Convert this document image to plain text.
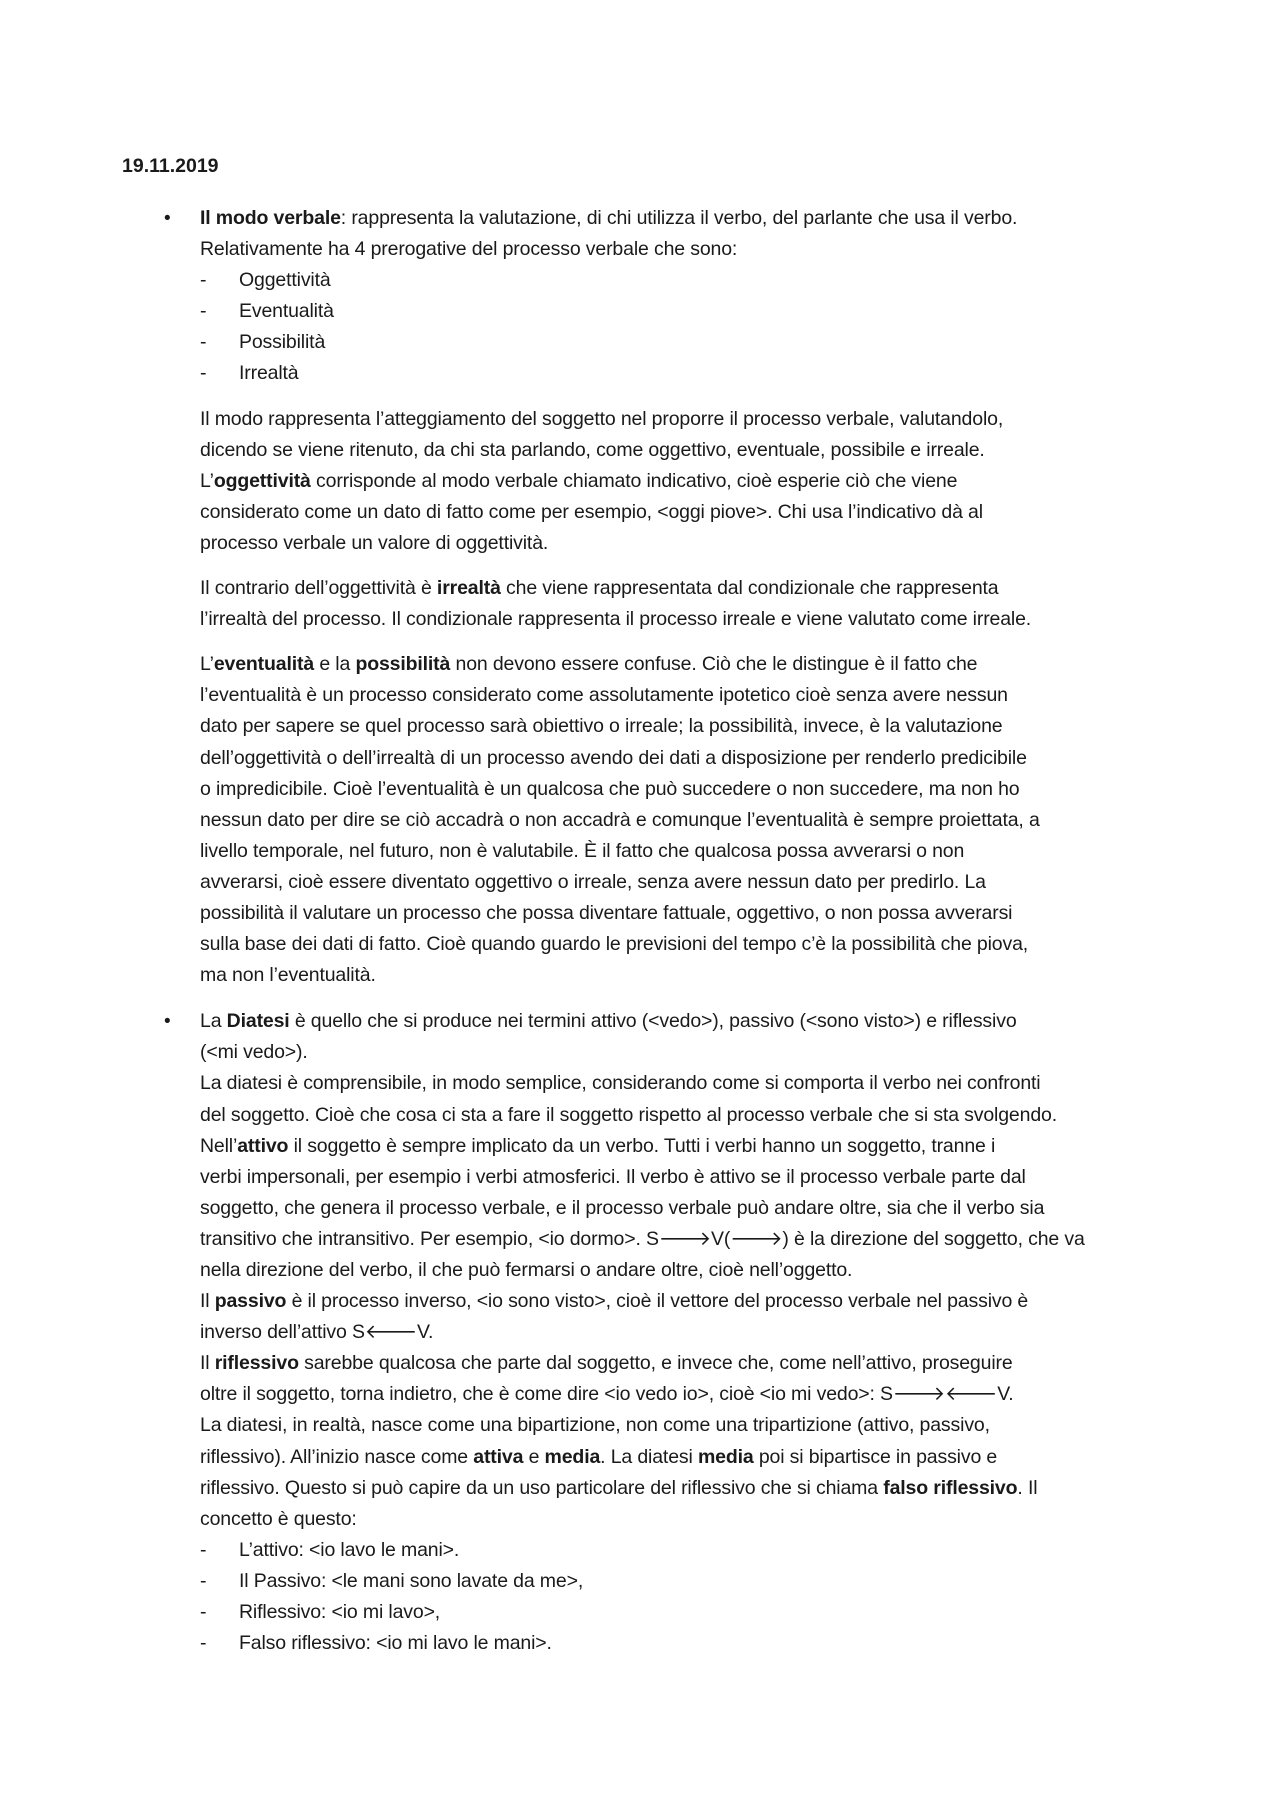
19.11.2019

• Il modo verbale: rappresenta la valutazione, di chi utilizza il verbo, del parlante che usa il verbo.
Relativamente ha 4 prerogative del processo verbale che sono:
- Oggettività
- Eventualità
- Possibilità
- Irrealtà
Il modo rappresenta l’atteggiamento del soggetto nel proporre il processo verbale, valutandolo,
dicendo se viene ritenuto, da chi sta parlando, come oggettivo, eventuale, possibile e irreale.
L’oggettività corrisponde al modo verbale chiamato indicativo, cioè esperie ciò che viene
considerato come un dato di fatto come per esempio, <oggi piove>. Chi usa l’indicativo dà al
processo verbale un valore di oggettività.
Il contrario dell’oggettività è irrealtà che viene rappresentata dal condizionale che rappresenta
l’irrealtà del processo. Il condizionale rappresenta il processo irreale e viene valutato come irreale.
L’eventualità e la possibilità non devono essere confuse. Ciò che le distingue è il fatto che
l’eventualità è un processo considerato come assolutamente ipotetico cioè senza avere nessun
dato per sapere se quel processo sarà obiettivo o irreale; la possibilità, invece, è la valutazione
dell’oggettività o dell’irrealtà di un processo avendo dei dati a disposizione per renderlo predicibile
o impredicibile. Cioè l’eventualità è un qualcosa che può succedere o non succedere, ma non ho
nessun dato per dire se ciò accadrà o non accadrà e comunque l’eventualità è sempre proiettata, a
livello temporale, nel futuro, non è valutabile. È il fatto che qualcosa possa avverarsi o non
avverarsi, cioè essere diventato oggettivo o irreale, senza avere nessun dato per predirlo. La
possibilità il valutare un processo che possa diventare fattuale, oggettivo, o non possa avverarsi
sulla base dei dati di fatto. Cioè quando guardo le previsioni del tempo c’è la possibilità che piova,
ma non l’eventualità.
• La Diatesi è quello che si produce nei termini attivo (<vedo>), passivo (<sono visto>) e riflessivo
(<mi vedo>).
La diatesi è comprensibile, in modo semplice, considerando come si comporta il verbo nei confronti
del soggetto. Cioè che cosa ci sta a fare il soggetto rispetto al processo verbale che si sta svolgendo.
Nell’attivo il soggetto è sempre implicato da un verbo. Tutti i verbi hanno un soggetto, tranne i
verbi impersonali, per esempio i verbi atmosferici. Il verbo è attivo se il processo verbale parte dal
soggetto, che genera il processo verbale, e il processo verbale può andare oltre, sia che il verbo sia
transitivo che intransitivo. Per esempio, <io dormo>. S🡒V(🡒) è la direzione del soggetto, che va
nella direzione del verbo, il che può fermarsi o andare oltre, cioè nell’oggetto.
Il passivo è il processo inverso, <io sono visto>, cioè il vettore del processo verbale nel passivo è
inverso dell’attivo S🡐V.
Il riflessivo sarebbe qualcosa che parte dal soggetto, e invece che, come nell’attivo, proseguire
oltre il soggetto, torna indietro, che è come dire <io vedo io>, cioè <io mi vedo>: S🡒🡐V.
La diatesi, in realtà, nasce come una bipartizione, non come una tripartizione (attivo, passivo,
riflessivo). All’inizio nasce come attiva e media. La diatesi media poi si bipartisce in passivo e
riflessivo. Questo si può capire da un uso particolare del riflessivo che si chiama falso riflessivo. Il
concetto è questo:
- L’attivo: <io lavo le mani>.
- Il Passivo: <le mani sono lavate da me>,
- Riflessivo: <io mi lavo>,
- Falso riflessivo: <io mi lavo le mani>.
